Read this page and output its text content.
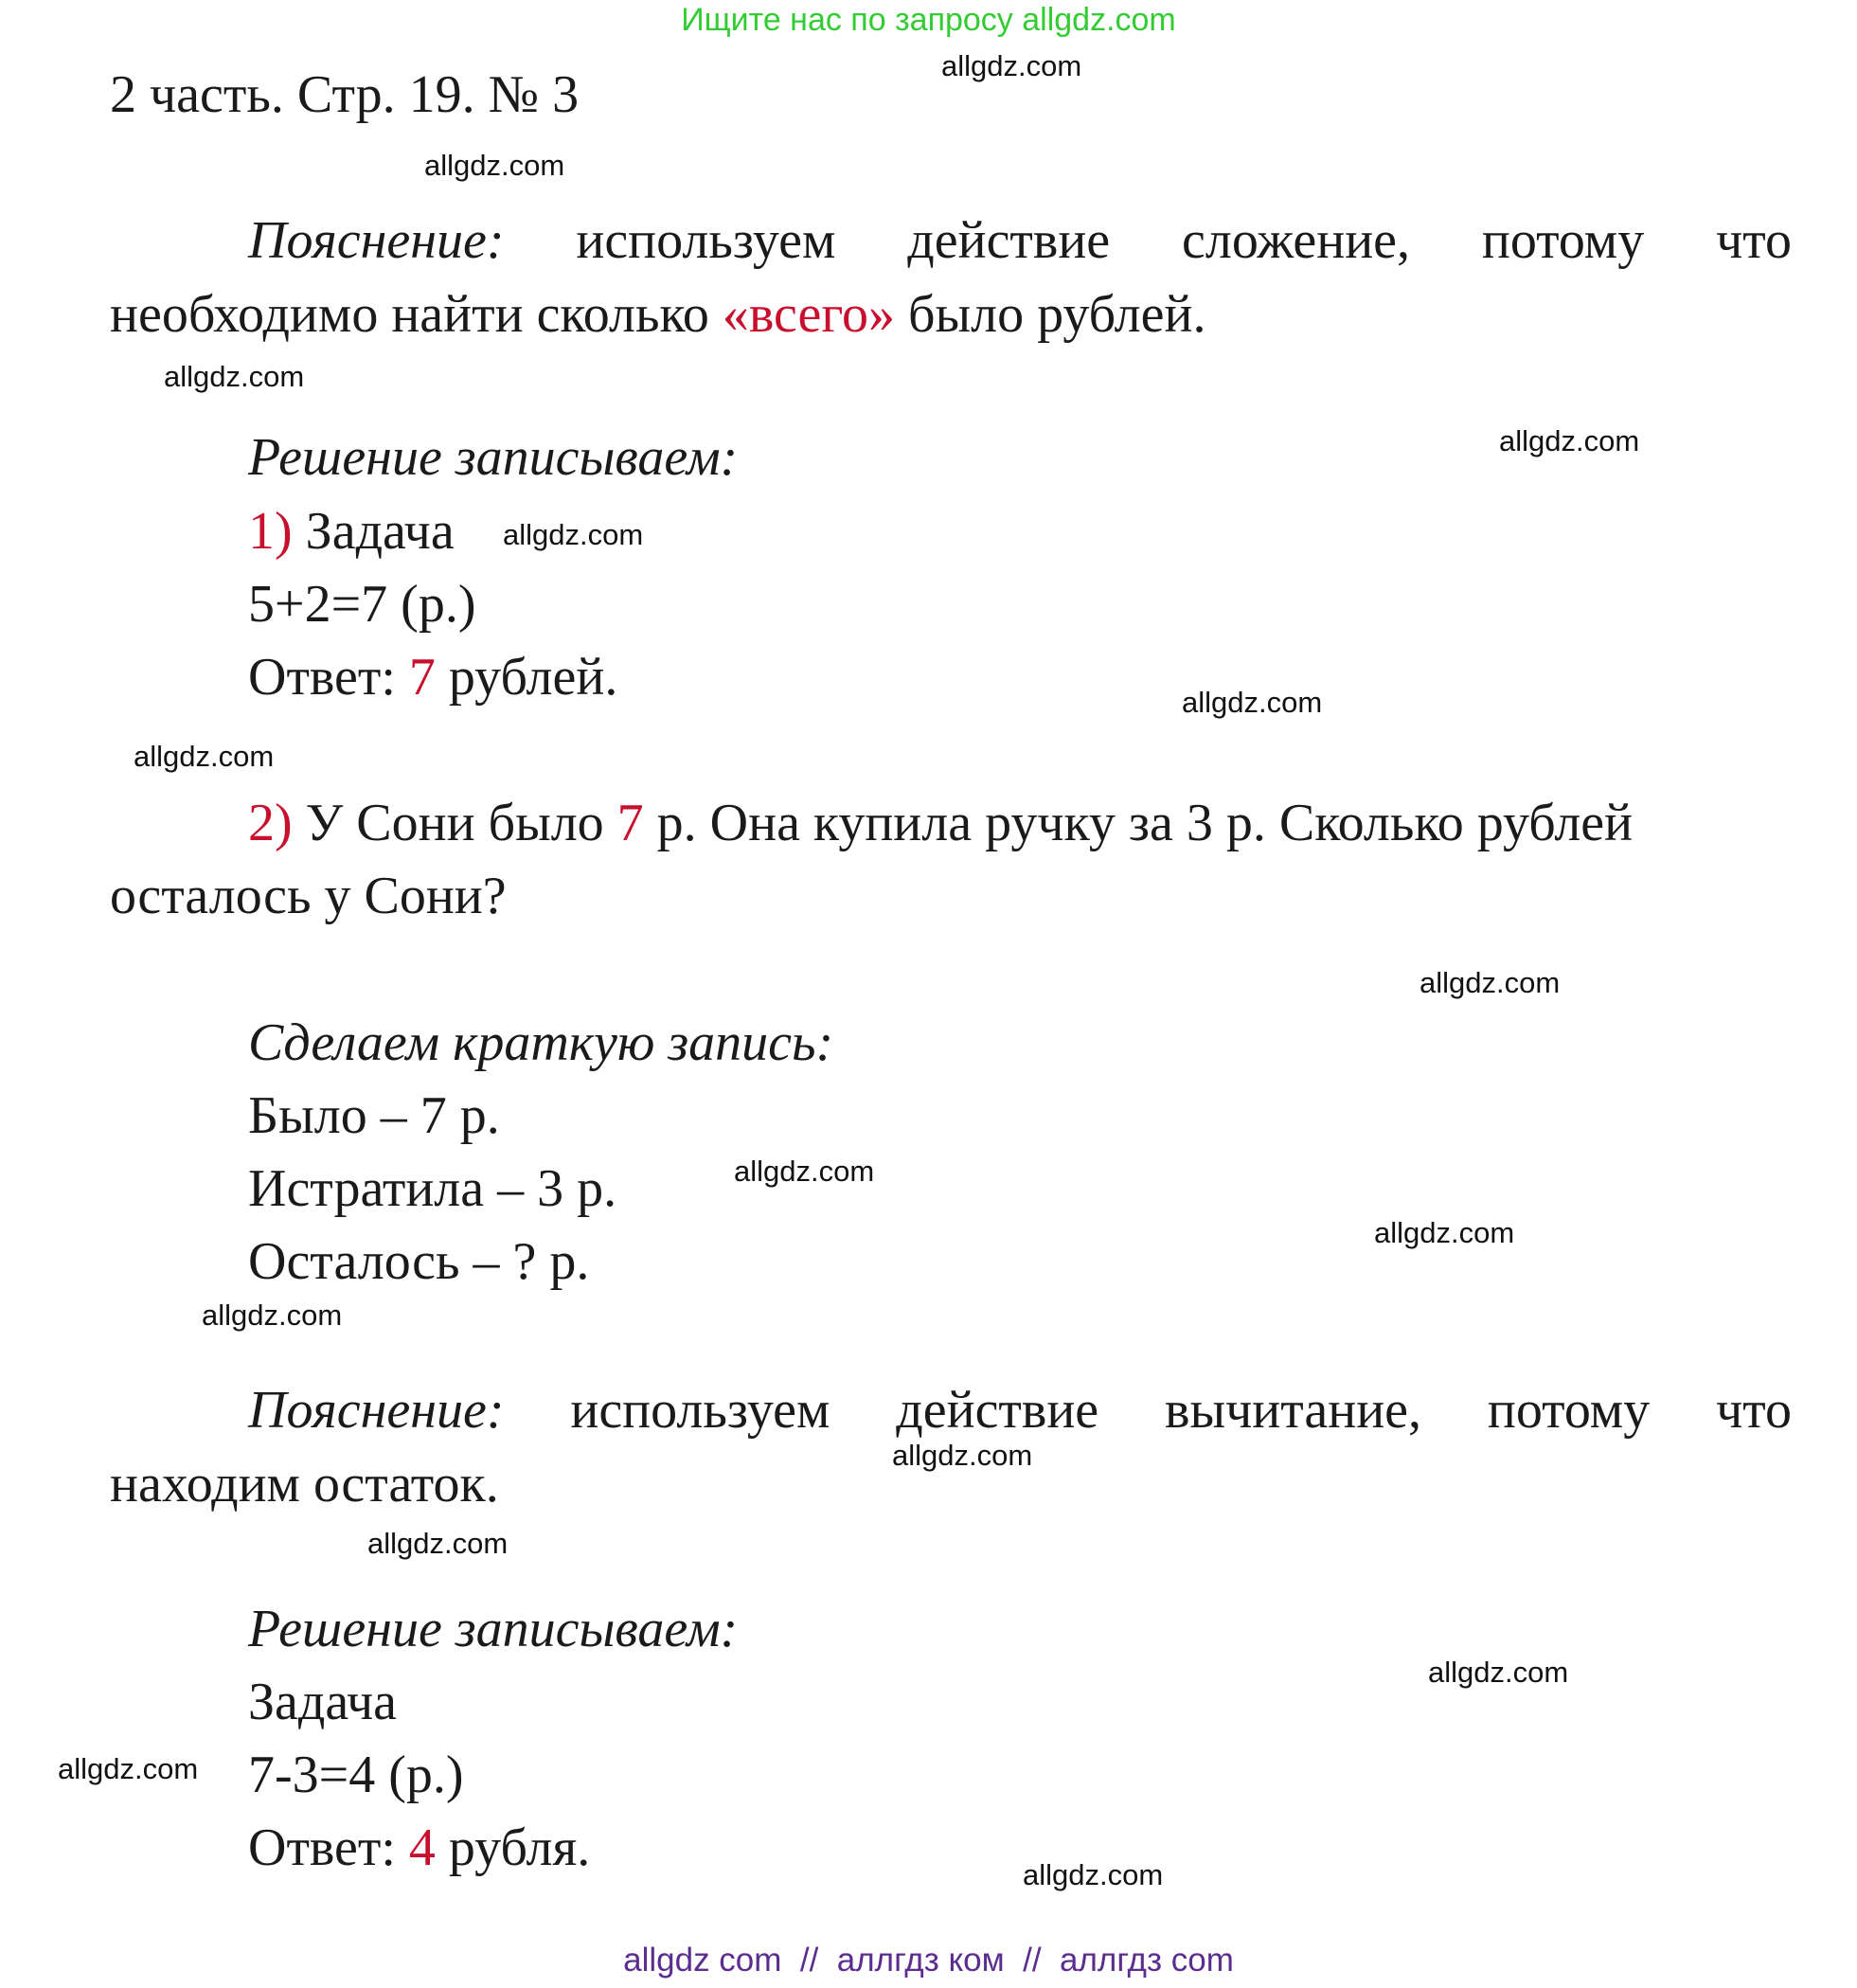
Ищите нас по запросу allgdz.com
2 часть. Стр. 19. № 3	allgdz.com
allgdz.com
allgdz.com
allgdz.com
allgdz.com
allgdz.com
allgdz.com
allgdz.com
allgdz.com
allgdz.com
allgdz.com
allgdz.com
allgdz.com
allgdz.com
allgdz.com
allgdz.com
Пояснение: используем действие сложение, потому что
необходимо найти сколько «всего» было рублей.
Решение записываем:
1) Задача
5+2=7 (р.)
Ответ: 7 рублей.
2) У Сони было 7 р. Она купила ручку за 3 р. Сколько рублей
осталось у Сони?
Сделаем краткую запись:
Было – 7 р.
Истратила – 3 р.
Осталось – ? р.
Пояснение: используем действие вычитание, потому что
находим остаток.
Решение записываем:
Задача
7-3=4 (р.)
Ответ: 4 рубля.
allgdz com  //  аллгдз ком  //  аллгдз com
